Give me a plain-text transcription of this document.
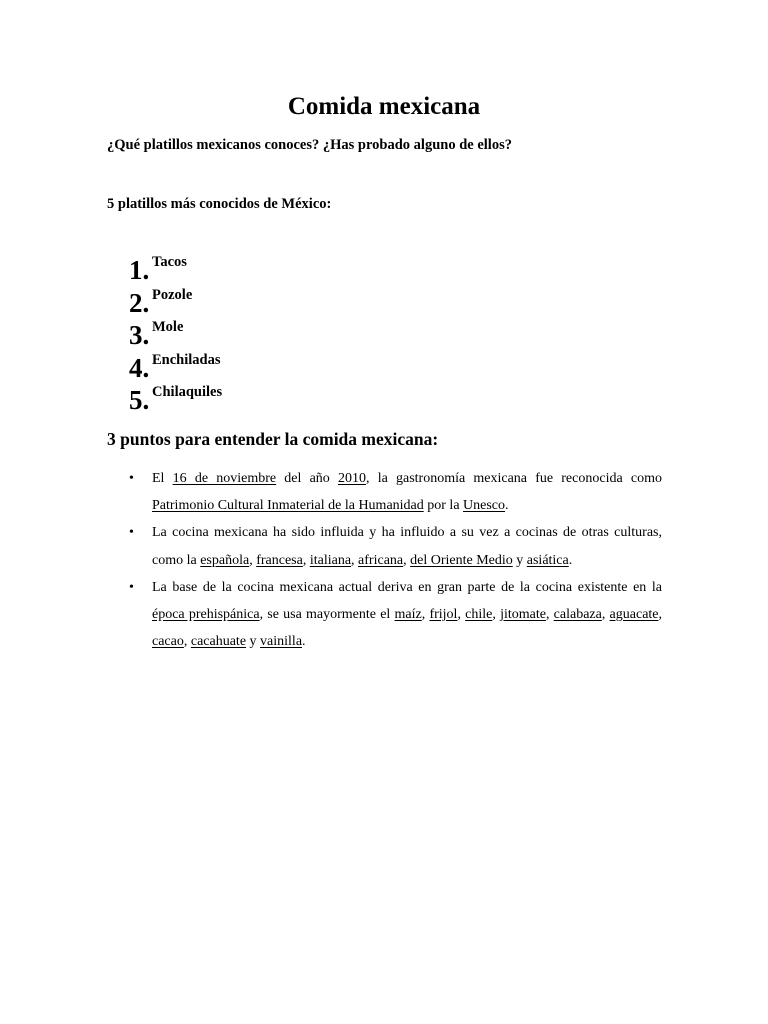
Comida mexicana

¿Qué platillos mexicanos conoces? ¿Has probado alguno de ellos?

5 platillos más conocidos de México:

1. Tacos
2. Pozole
3. Mole
4. Enchiladas
5. Chilaquiles
3 puntos para entender la comida mexicana:
• El 16 de noviembre del año 2010, la gastronomía mexicana fue reconocida como Patrimonio Cultural Inmaterial de la Humanidad por la Unesco.
• La cocina mexicana ha sido influida y ha influido a su vez a cocinas de otras culturas, como la española, francesa, italiana, africana, del Oriente Medio y asiática.
• La base de la cocina mexicana actual deriva en gran parte de la cocina existente en la época prehispánica, se usa mayormente el maíz, frijol, chile, jitomate, calabaza, aguacate, cacao, cacahuate y vainilla.
